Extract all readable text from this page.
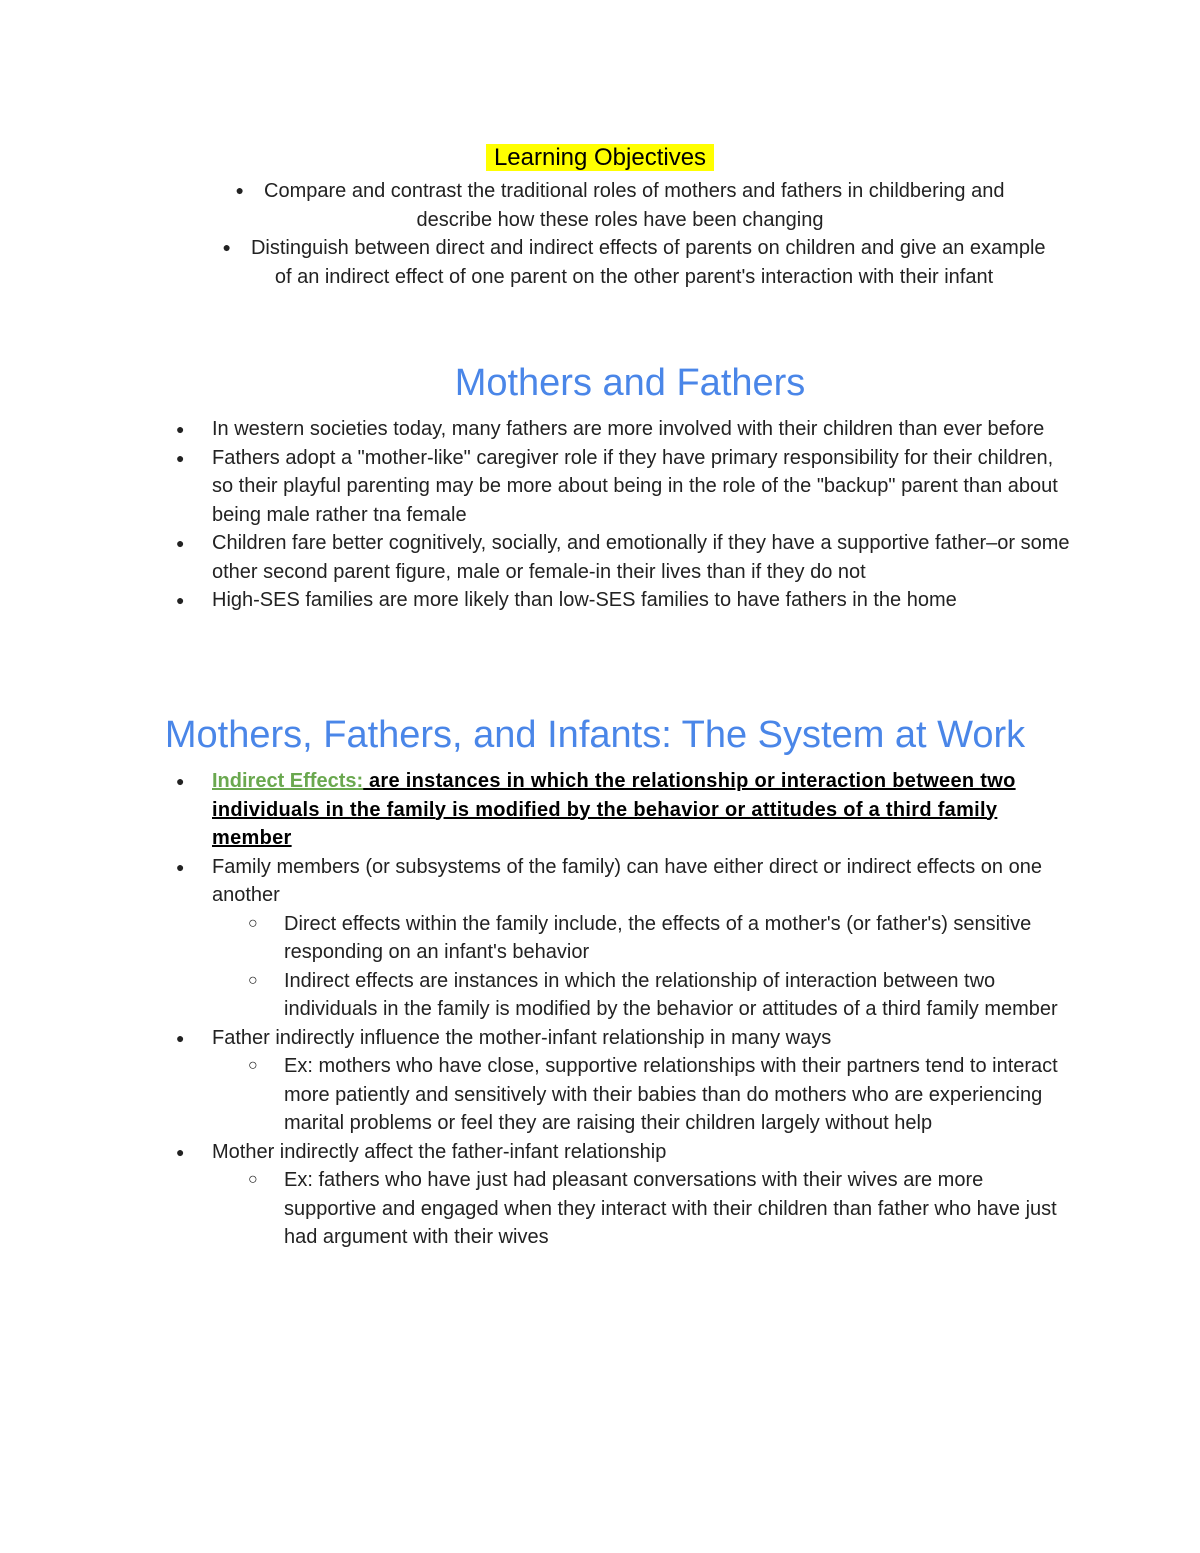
Learning Objectives
● Compare and contrast the traditional roles of mothers and fathers in childbering and describe how these roles have been changing
● Distinguish between direct and indirect effects of parents on children and give an example of an indirect effect of one parent on the other parent's interaction with their infant
Mothers and Fathers
● In western societies today, many fathers are more involved with their children than ever before
● Fathers adopt a "mother-like" caregiver role if they have primary responsibility for their children, so their playful parenting may be more about being in the role of the "backup" parent than about being male rather tna female
● Children fare better cognitively, socially, and emotionally if they have a supportive father–or some other second parent figure, male or female-in their lives than if they do not
● High-SES families are more likely than low-SES families to have fathers in the home
Mothers, Fathers, and Infants: The System at Work
● Indirect Effects: are instances in which the relationship or interaction between two individuals in the family is modified by the behavior or attitudes of a third family member
● Family members (or subsystems of the family) can have either direct or indirect effects on one another
○ Direct effects within the family include, the effects of a mother's (or father's) sensitive responding on an infant's behavior
○ Indirect effects are instances in which the relationship of interaction between two individuals in the family is modified by the behavior or attitudes of a third family member
● Father indirectly influence the mother-infant relationship in many ways
○ Ex: mothers who have close, supportive relationships with their partners tend to interact more patiently and sensitively with their babies than do mothers who are experiencing marital problems or feel they are raising their children largely without help
● Mother indirectly affect the father-infant relationship
○ Ex: fathers who have just had pleasant conversations with their wives are more supportive and engaged when they interact with their children than father who have just had argument with their wives
